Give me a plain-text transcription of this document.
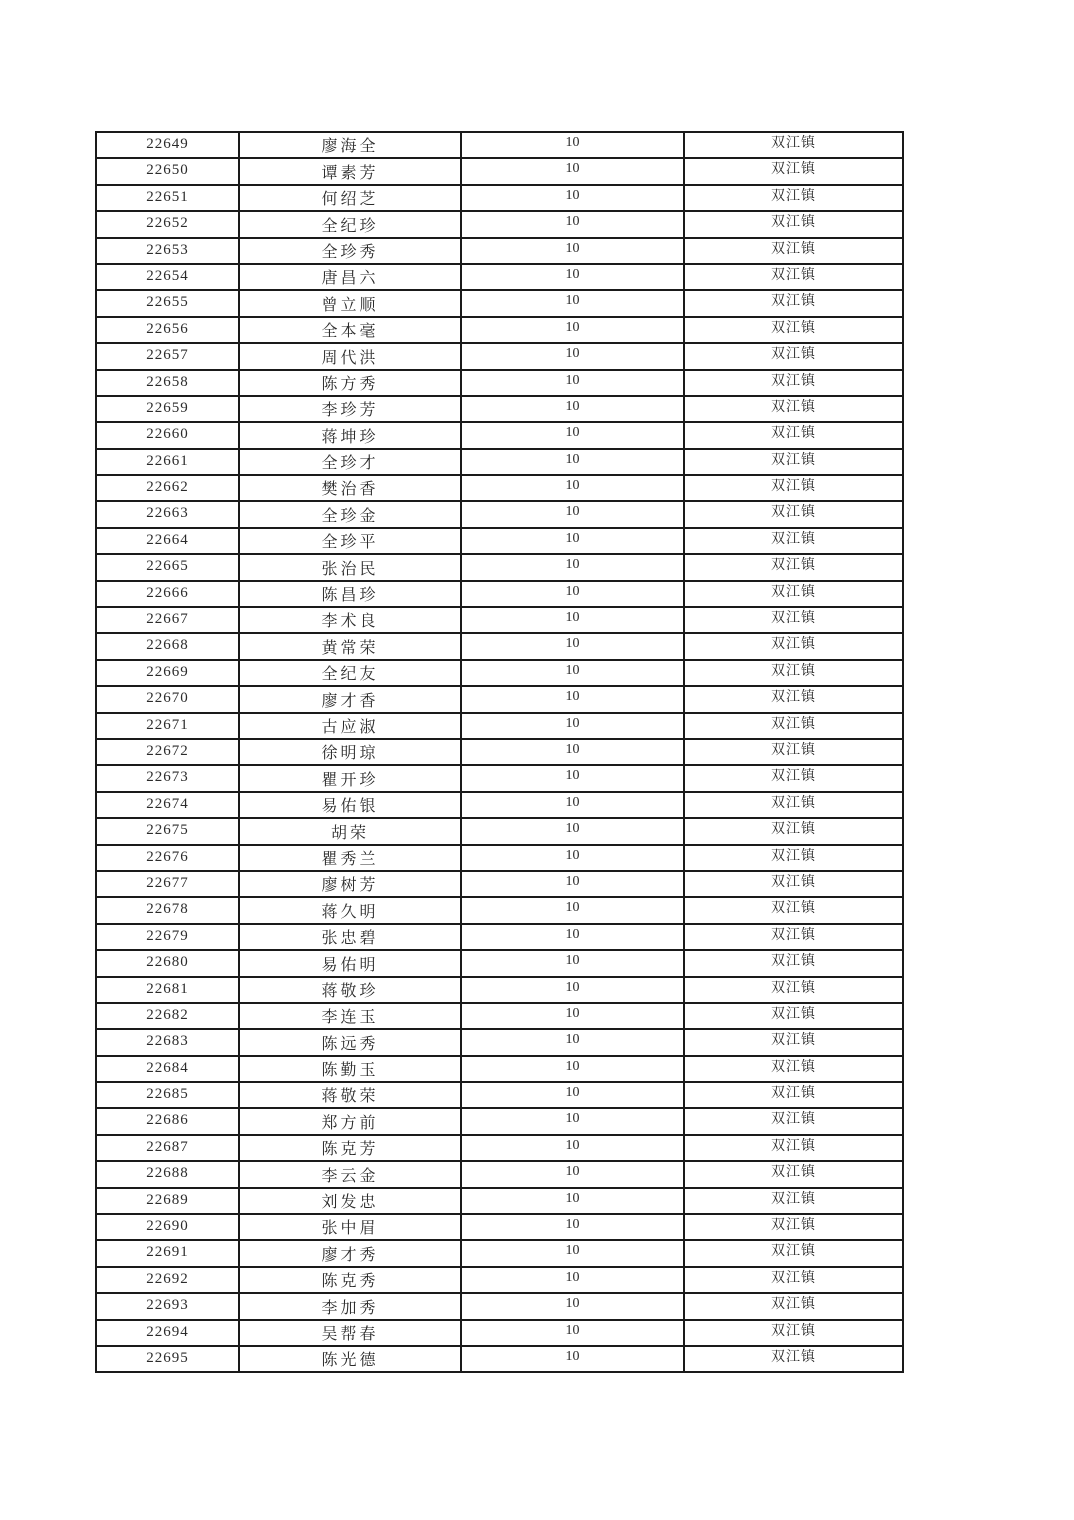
22649	廖海全	10	双江镇
22650	谭素芳	10	双江镇
22651	何绍芝	10	双江镇
22652	全纪珍	10	双江镇
22653	全珍秀	10	双江镇
22654	唐昌六	10	双江镇
22655	曾立顺	10	双江镇
22656	全本毫	10	双江镇
22657	周代洪	10	双江镇
22658	陈方秀	10	双江镇
22659	李珍芳	10	双江镇
22660	蒋坤珍	10	双江镇
22661	全珍才	10	双江镇
22662	樊治香	10	双江镇
22663	全珍金	10	双江镇
22664	全珍平	10	双江镇
22665	张治民	10	双江镇
22666	陈昌珍	10	双江镇
22667	李术良	10	双江镇
22668	黄常荣	10	双江镇
22669	全纪友	10	双江镇
22670	廖才香	10	双江镇
22671	古应淑	10	双江镇
22672	徐明琼	10	双江镇
22673	瞿开珍	10	双江镇
22674	易佑银	10	双江镇
22675	胡荣	10	双江镇
22676	瞿秀兰	10	双江镇
22677	廖树芳	10	双江镇
22678	蒋久明	10	双江镇
22679	张忠碧	10	双江镇
22680	易佑明	10	双江镇
22681	蒋敬珍	10	双江镇
22682	李连玉	10	双江镇
22683	陈远秀	10	双江镇
22684	陈勤玉	10	双江镇
22685	蒋敬荣	10	双江镇
22686	郑方前	10	双江镇
22687	陈克芳	10	双江镇
22688	李云金	10	双江镇
22689	刘发忠	10	双江镇
22690	张中眉	10	双江镇
22691	廖才秀	10	双江镇
22692	陈克秀	10	双江镇
22693	李加秀	10	双江镇
22694	吴帮春	10	双江镇
22695	陈光德	10	双江镇
